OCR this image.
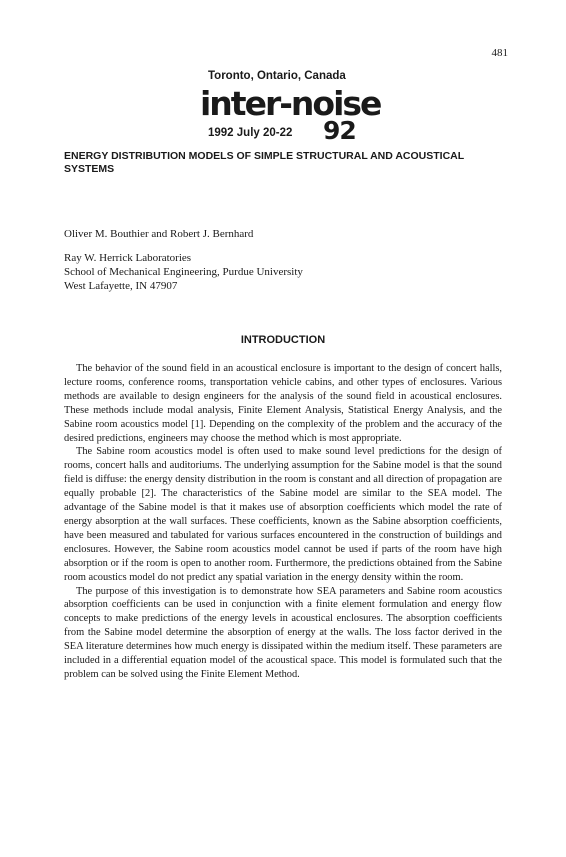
481
Toronto, Ontario, Canada
inter-noise
1992 July 20-22 92
ENERGY DISTRIBUTION MODELS OF SIMPLE STRUCTURAL AND ACOUSTICAL SYSTEMS
Oliver M. Bouthier and Robert J. Bernhard
Ray W. Herrick Laboratories
School of Mechanical Engineering, Purdue University
West Lafayette, IN 47907
INTRODUCTION

The behavior of the sound field in an acoustical enclosure is important to the design of concert halls, lecture rooms, conference rooms, transportation vehicle cabins, and other types of enclosures. Various methods are available to design engineers for the analysis of the sound field in acoustical enclosures. These methods include modal analysis, Finite Element Analysis, Statistical Energy Analysis, and the Sabine room acoustics model [1]. Depending on the complexity of the problem and the accuracy of the desired predictions, engineers may choose the method which is most appropriate.

The Sabine room acoustics model is often used to make sound level predictions for the design of rooms, concert halls and auditoriums. The underlying assumption for the Sabine model is that the sound field is diffuse: the energy density distribution in the room is constant and all direction of propagation are equally probable [2]. The characteristics of the Sabine model are similar to the SEA model. The advantage of the Sabine model is that it makes use of absorption coefficients which model the rate of energy absorption at the wall surfaces. These coefficients, known as the Sabine absorption coefficients, have been measured and tabulated for various surfaces encountered in the construction of buildings and enclosures. However, the Sabine room acoustics model cannot be used if parts of the room have high absorption or if the room is open to another room. Furthermore, the predictions obtained from the Sabine room acoustics model do not predict any spatial variation in the energy density within the room.

The purpose of this investigation is to demonstrate how SEA parameters and Sabine room acoustics absorption coefficients can be used in conjunction with a finite element formulation and energy flow concepts to make predictions of the energy levels in acoustical enclosures. The absorption coefficients from the Sabine model determine the absorption of energy at the walls. The loss factor derived in the SEA literature determines how much energy is dissipated within the medium itself. These parameters are included in a differential equation model of the acoustical space. This model is formulated such that the problem can be solved using the Finite Element Method.
